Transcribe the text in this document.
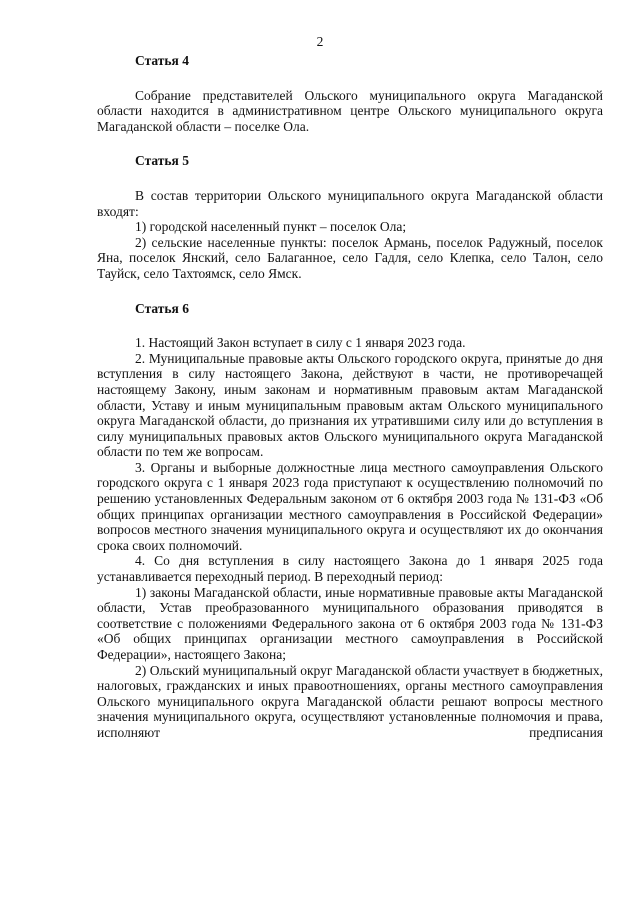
2
Статья 4

Собрание представителей Ольского муниципального округа Магаданской области находится в административном центре Ольского муниципального округа Магаданской области – поселке Ола.

Статья 5

В состав территории Ольского муниципального округа Магаданской области входят:

1) городской населенный пункт – поселок Ола;

2) сельские населенные пункты: поселок Армань, поселок Радужный, поселок Яна, поселок Янский, село Балаганное, село Гадля, село Клепка, село Талон, село Тауйск, село Тахтоямск, село Ямск.

Статья 6

1. Настоящий Закон вступает в силу с 1 января 2023 года.

2. Муниципальные правовые акты Ольского городского округа, принятые до дня вступления в силу настоящего Закона, действуют в части, не противоречащей настоящему Закону, иным законам и нормативным правовым актам Магаданской области, Уставу и иным муниципальным правовым актам Ольского муниципального округа Магаданской области, до признания их утратившими силу или до вступления в силу муниципальных правовых актов Ольского муниципального округа Магаданской области по тем же вопросам.

3. Органы и выборные должностные лица местного самоуправления Ольского городского округа с 1 января 2023 года приступают к осуществлению полномочий по решению установленных Федеральным законом от 6 октября 2003 года № 131-ФЗ «Об общих принципах организации местного самоуправления в Российской Федерации» вопросов местного значения муниципального округа и осуществляют их до окончания срока своих полномочий.

4. Со дня вступления в силу настоящего Закона до 1 января 2025 года устанавливается переходный период. В переходный период:

1) законы Магаданской области, иные нормативные правовые акты Магаданской области, Устав преобразованного муниципального образования приводятся в соответствие с положениями Федерального закона от 6 октября 2003 года № 131-ФЗ «Об общих принципах организации местного самоуправления в Российской Федерации», настоящего Закона;

2) Ольский муниципальный округ Магаданской области участвует в бюджетных, налоговых, гражданских и иных правоотношениях, органы местного самоуправления Ольского муниципального округа Магаданской области решают вопросы местного значения муниципального округа, осуществляют установленные полномочия и права, исполняют предписания
